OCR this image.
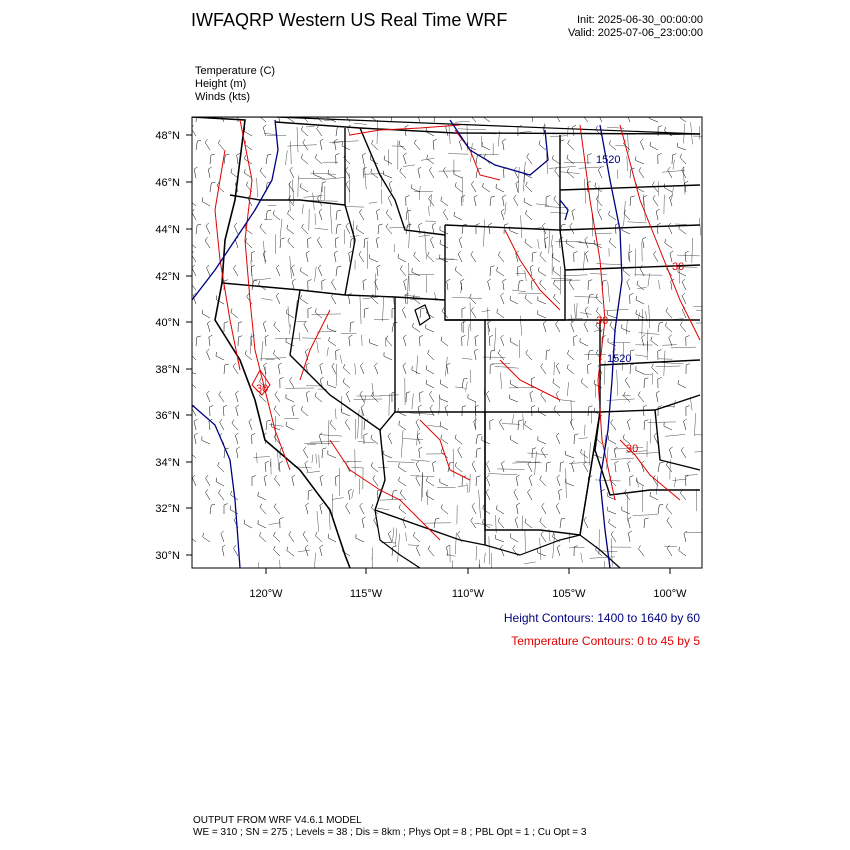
IWFAQRP Western US Real Time WRF	Init: 2025-06-30_00:00:00
Valid: 2025-07-06_23:00:00
Temperature (C)
Height (m)
Winds (kts)
1520
1520
30
30
30
30
48°N
46°N
44°N
42°N
40°N
38°N
36°N
34°N
32°N
30°N
120°W	115°W	110°W	105°W	100°W
Height Contours: 1400 to 1640 by 60
Temperature Contours: 0 to 45 by 5
OUTPUT FROM WRF V4.6.1 MODEL
WE = 310 ; SN = 275 ; Levels = 38 ; Dis = 8km ; Phys Opt = 8 ; PBL Opt = 1 ; Cu Opt = 3
